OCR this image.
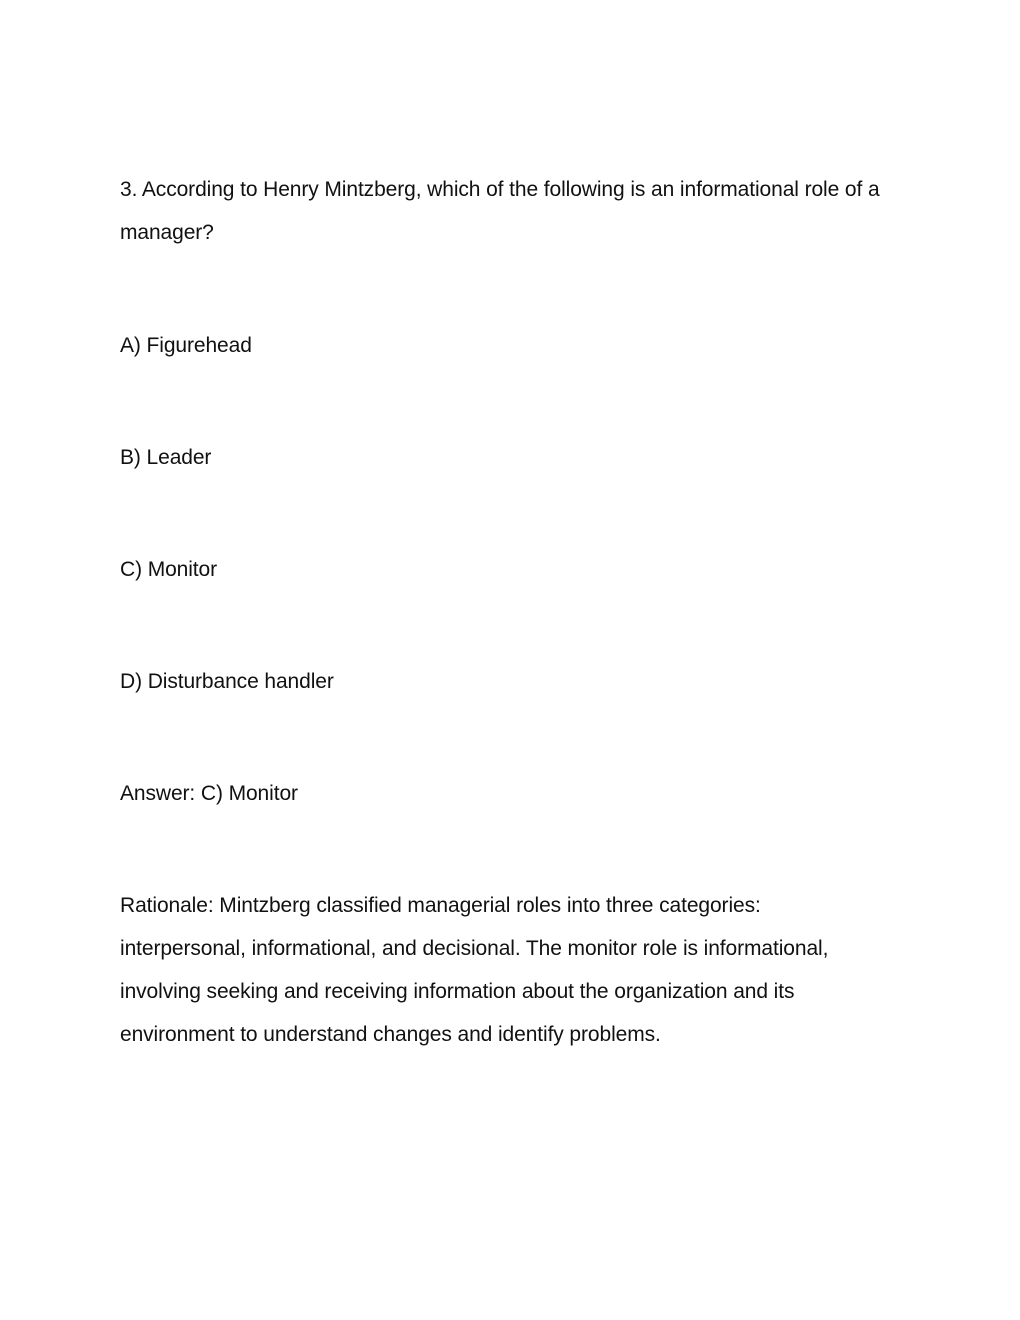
3. According to Henry Mintzberg, which of the following is an informational role of a manager?
A) Figurehead
B) Leader
C) Monitor
D) Disturbance handler
Answer: C) Monitor
Rationale: Mintzberg classified managerial roles into three categories: interpersonal, informational, and decisional. The monitor role is informational, involving seeking and receiving information about the organization and its environment to understand changes and identify problems.
